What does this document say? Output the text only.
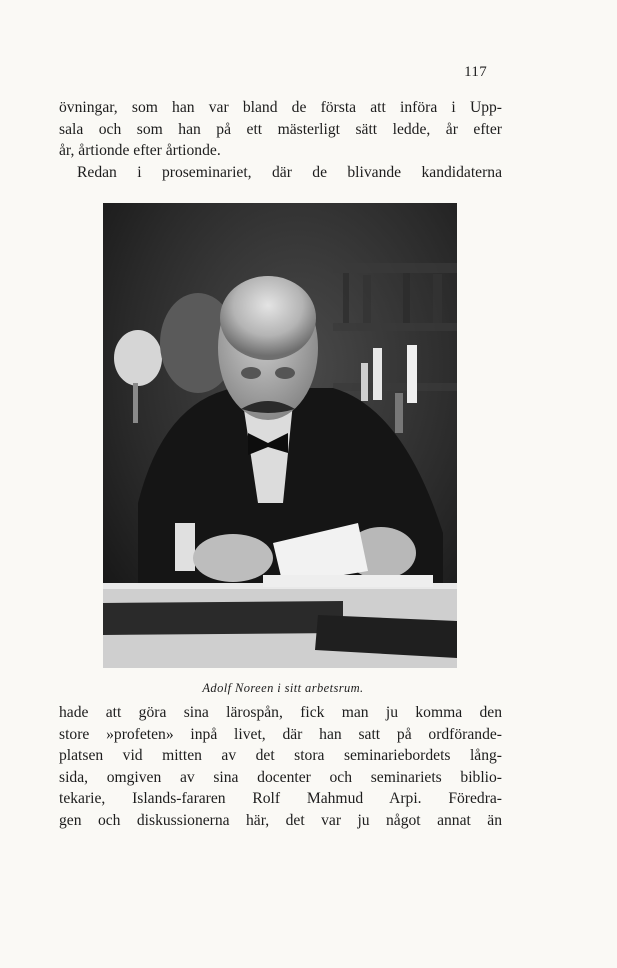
117
övningar, som han var bland de första att införa i Upp-
sala och som han på ett mästerligt sätt ledde, år efter
år, årtionde efter årtionde.
Redan i proseminariet, där de blivande kandidaterna
Adolf Noreen i sitt arbetsrum.
hade att göra sina lärospån, fick man ju komma den
store »profeten» inpå livet, där han satt på ordförande-
platsen vid mitten av det stora seminariebordets lång-
sida, omgiven av sina docenter och seminariets biblio-
tekarie, Islands-fararen Rolf Mahmud Arpi. Föredra-
gen och diskussionerna här, det var ju något annat än
